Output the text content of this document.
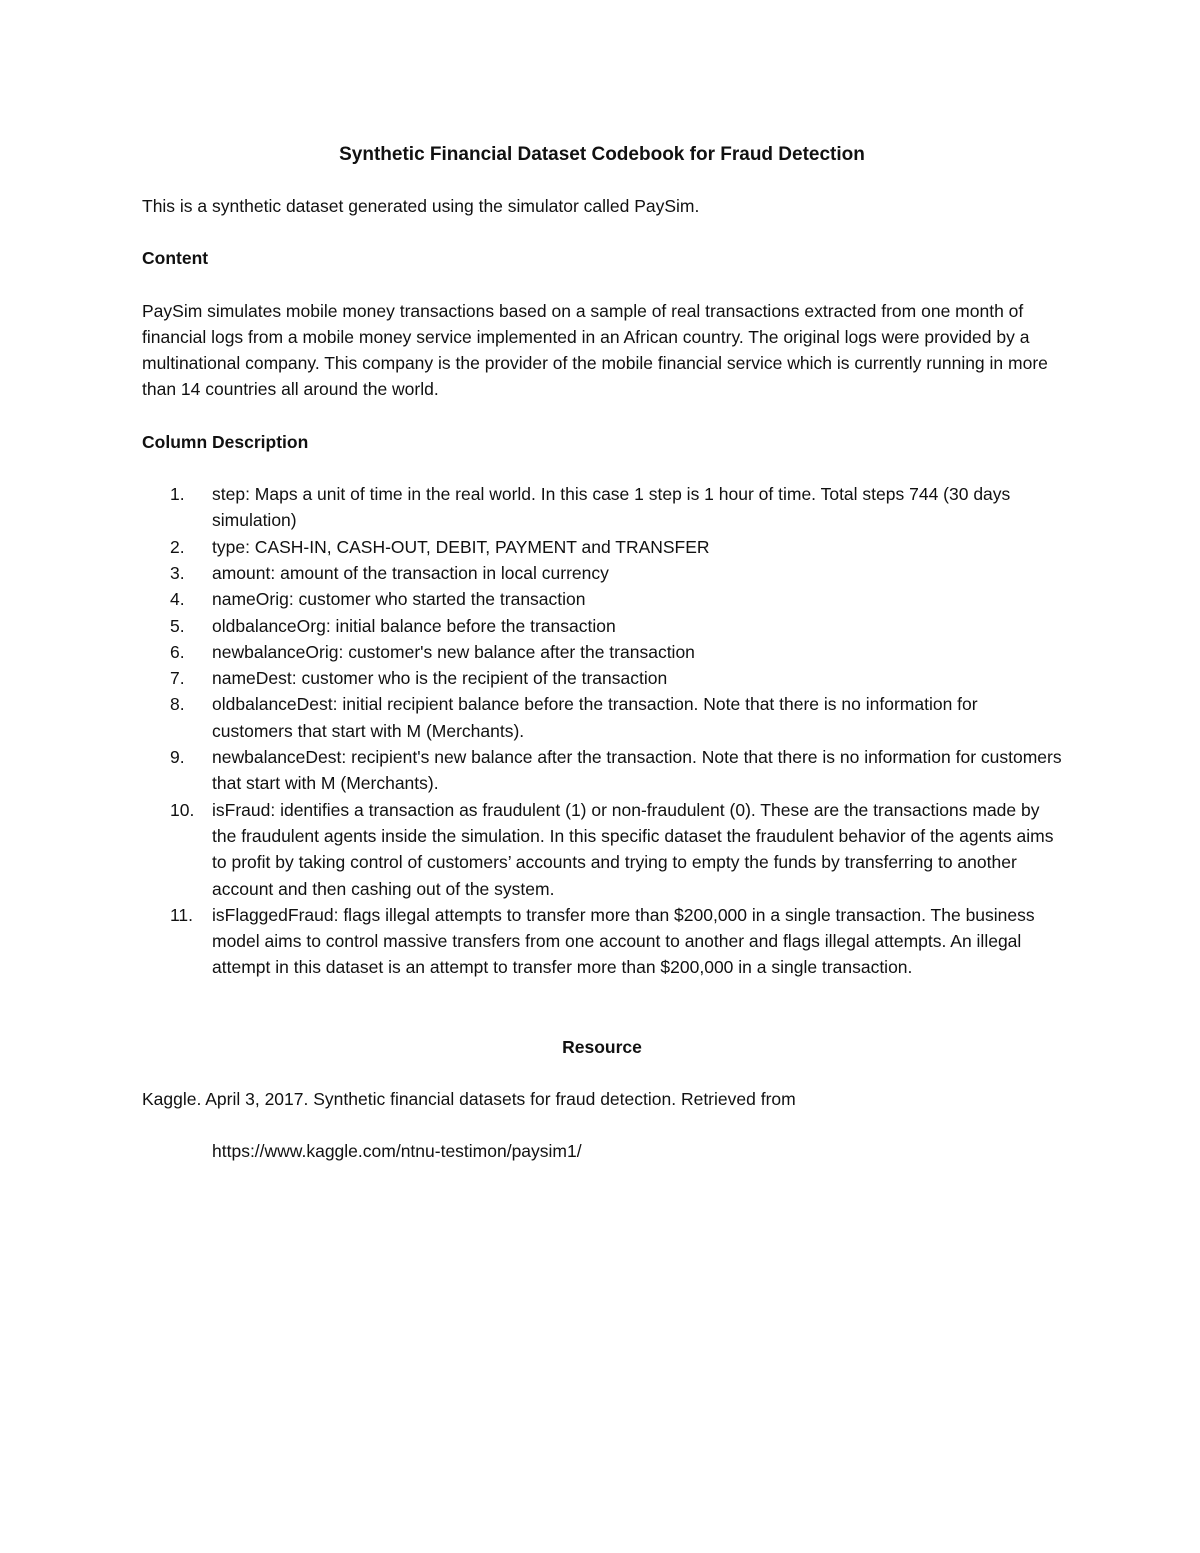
Synthetic Financial Dataset Codebook for Fraud Detection
This is a synthetic dataset generated using the simulator called PaySim.
Content
PaySim simulates mobile money transactions based on a sample of real transactions extracted from one month of financial logs from a mobile money service implemented in an African country. The original logs were provided by a multinational company. This company is the provider of the mobile financial service which is currently running in more than 14 countries all around the world.
Column Description
1.	step: Maps a unit of time in the real world. In this case 1 step is 1 hour of time. Total steps 744 (30 days simulation)
2.	type: CASH-IN, CASH-OUT, DEBIT, PAYMENT and TRANSFER
3.	amount: amount of the transaction in local currency
4.	nameOrig: customer who started the transaction
5.	oldbalanceOrg: initial balance before the transaction
6.	newbalanceOrig: customer's new balance after the transaction
7.	nameDest: customer who is the recipient of the transaction
8.	oldbalanceDest: initial recipient balance before the transaction. Note that there is no information for customers that start with M (Merchants).
9.	newbalanceDest: recipient's new balance after the transaction. Note that there is no information for customers that start with M (Merchants).
10.	isFraud: identifies a transaction as fraudulent (1) or non-fraudulent (0). These are the transactions made by the fraudulent agents inside the simulation. In this specific dataset the fraudulent behavior of the agents aims to profit by taking control of customers’ accounts and trying to empty the funds by transferring to another account and then cashing out of the system.
11.	isFlaggedFraud: flags illegal attempts to transfer more than $200,000 in a single transaction. The business model aims to control massive transfers from one account to another and flags illegal attempts. An illegal attempt in this dataset is an attempt to transfer more than $200,000 in a single transaction.
Resource
Kaggle. April 3, 2017. Synthetic financial datasets for fraud detection. Retrieved from
https://www.kaggle.com/ntnu-testimon/paysim1/
